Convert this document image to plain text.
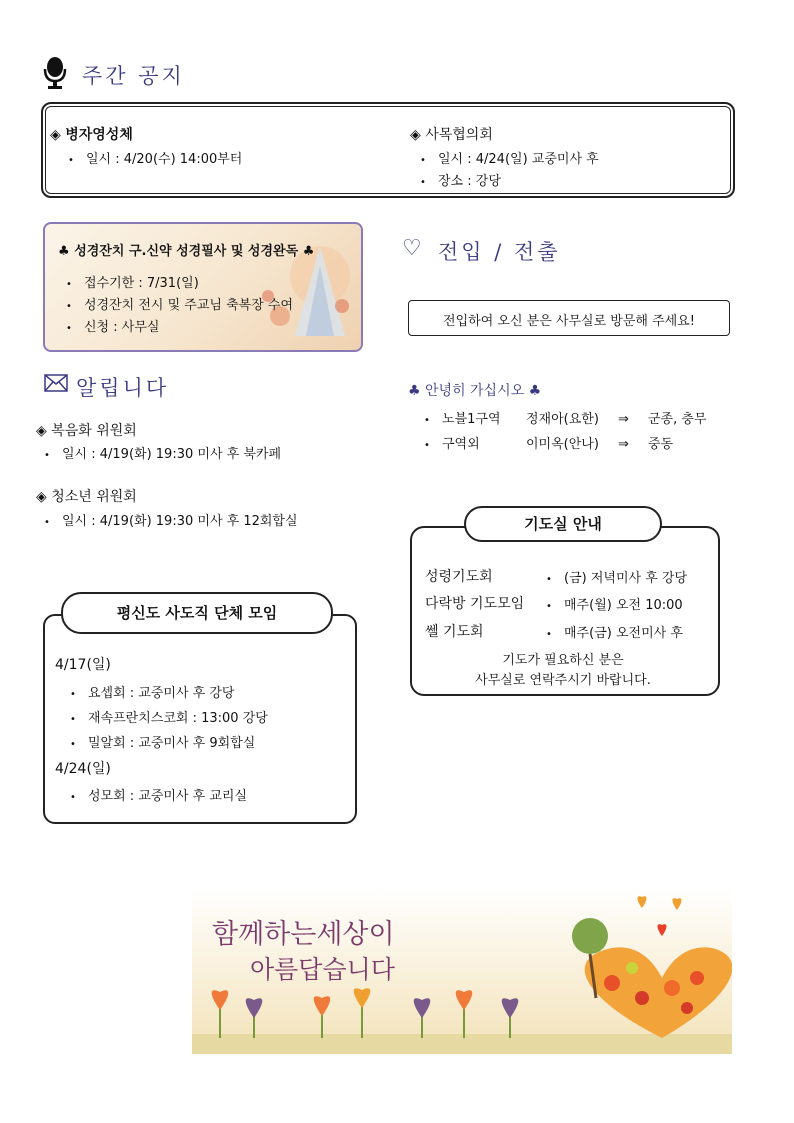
주간 공지
◈ 병자영성체
• 일시 : 4/20(수) 14:00부터
◈ 사목협의회
• 일시 : 4/24(일) 교중미사 후
• 장소 : 강당
♣ 성경잔치 구.신약 성경필사 및 성경완독 ♣
• 접수기한 : 7/31(일)
• 성경잔치 전시 및 주교님 축복장 수여
• 신청 : 사무실
♡ 전입 / 전출
전입하여 오신 분은 사무실로 방문해 주세요!
♣ 안녕히 가십시오 ♣
• 노블1구역 정재아(요한) ⇒ 군종, 충무
• 구역외	이미옥(안나) ⇒ 중동
알립니다
◈ 복음화 위원회
• 일시 : 4/19(화) 19:30 미사 후 북카페
◈ 청소년 위원회
• 일시 : 4/19(화) 19:30 미사 후 12회합실	기도실 안내
성령기도회	• (금) 저녁미사 후 강당
다락방 기도모임 • 매주(월) 오전 10:00
쎌 기도회	• 매주(금) 오전미사 후
기도가 필요하신 분은
사무실로 연락주시기 바랍니다.
평신도 사도직 단체 모임
4/17(일)
• 요셉회 : 교중미사 후 강당
• 재속프란치스코회 : 13:00 강당
• 밀알회 : 교중미사 후 9회합실
4/24(일)
• 성모회 : 교중미사 후 교리실
함께하는세상이
아름답습니다
